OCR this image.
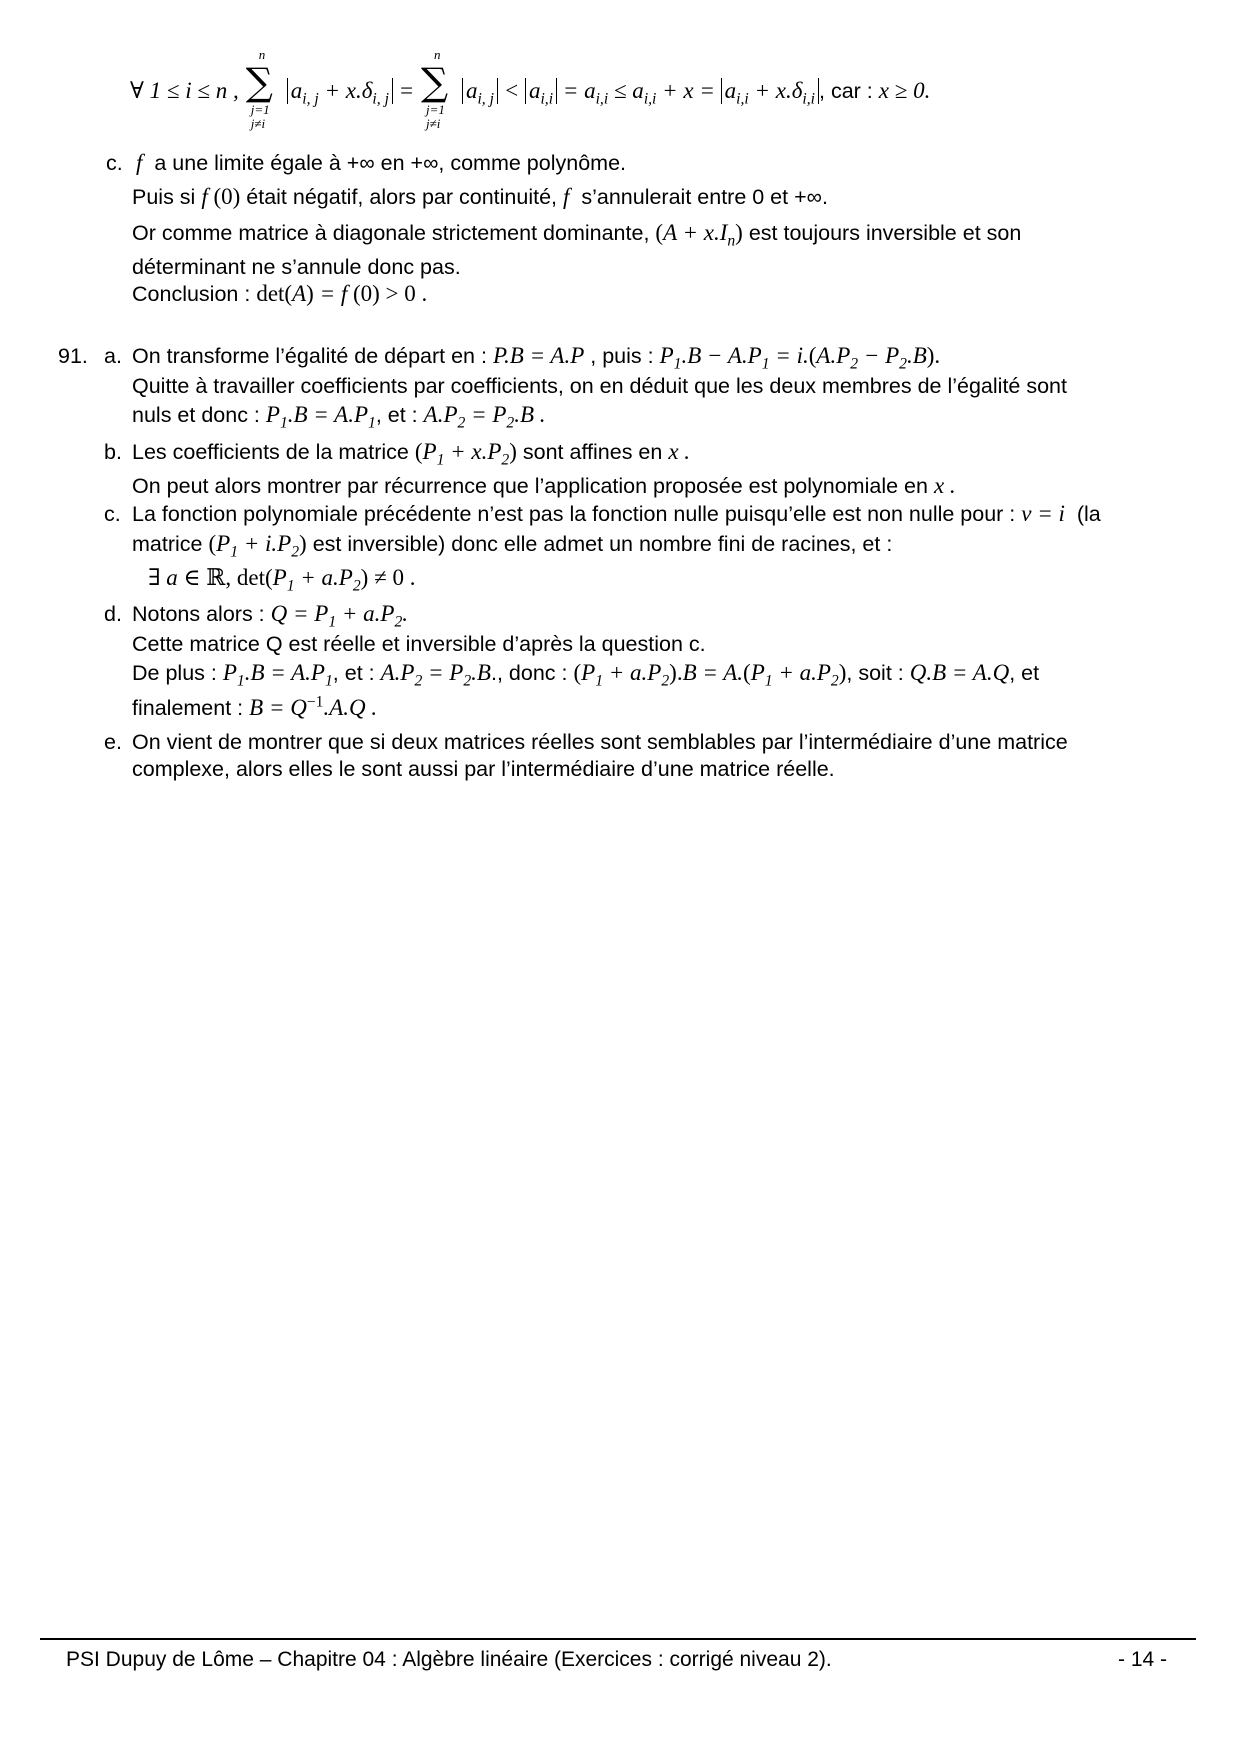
∀ 1 ≤ i ≤ n , ∑
n
j=1
j≠i
$a_{i, j} + x.\delta_{i, j}$ = ∑
n
j=1
j≠i
$a_{i, j} < a_{i,i} = a_{i,i} \le a_{i,i} + x = a_{i,i} + x.\delta_{i,i}$ , car : x ≥ 0.
c. f a une limite égale à +∞ en +∞, comme polynôme.
Puis si f (0) était négatif, alors par continuité, f s’annulerait entre 0 et +∞.
Or comme matrice à diagonale strictement dominante, $(A + x.I_n)$ est toujours inversible et son
déterminant ne s’annule donc pas.
Conclusion : det(A) = f (0) > 0 .
91. a. On transforme l’égalité de départ en : P.B = A.P , puis : $P_1.B - A.P_1 = i.(A.P_2 - P_2.B)$.
Quitte à travailler coefficients par coefficients, on en déduit que les deux membres de l’égalité sont
nuls et donc : $P_1.B = A.P_1$, et : $A.P_2 = P_2.B$ .
b. Les coefficients de la matrice $(P_1 + x.P_2)$ sont affines en x .
On peut alors montrer par récurrence que l’application proposée est polynomiale en x .
c. La fonction polynomiale précédente n’est pas la fonction nulle puisqu’elle est non nulle pour : v = i (la
matrice $(P_1 + i.P_2)$ est inversible) donc elle admet un nombre fini de racines, et :
∃ a ∈ ℝ, $\det(P_1 + a.P_2) \ne 0$ .
d. Notons alors : $Q = P_1 + a.P_2$.
Cette matrice Q est réelle et inversible d’après la question c.
De plus : $P_1.B = A.P_1$, et : $A.P_2 = P_2.B$., donc : $(P_1 + a.P_2).B = A.(P_1 + a.P_2)$, soit : Q.B = A.Q, et
finalement : $B = Q^{-1}.A.Q$ .
e. On vient de montrer que si deux matrices réelles sont semblables par l’intermédiaire d’une matrice
complexe, alors elles le sont aussi par l’intermédiaire d’une matrice réelle.
PSI Dupuy de Lôme – Chapitre 04 : Algèbre linéaire (Exercices : corrigé niveau 2).	- 14 -
